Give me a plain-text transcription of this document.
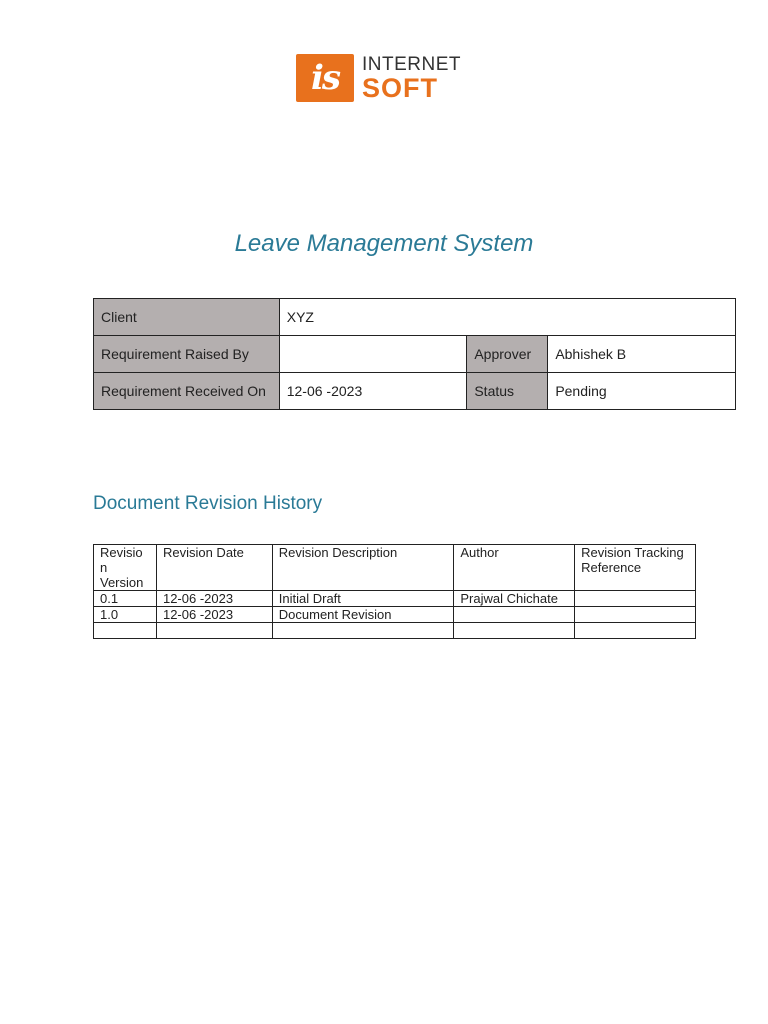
is INTERNET
SOFT
Leave Management System
Client	XYZ		
Requirement Raised By		Approver	Abhishek B
Requirement Received On	12-06 -2023	Status	Pending
Document Revision History
Revisio n Version	Revision Date	Revision Description	Author	Revision Tracking Reference
0.1	12-06 -2023	Initial Draft	Prajwal Chichate	
1.0	12-06 -2023	Document Revision		
